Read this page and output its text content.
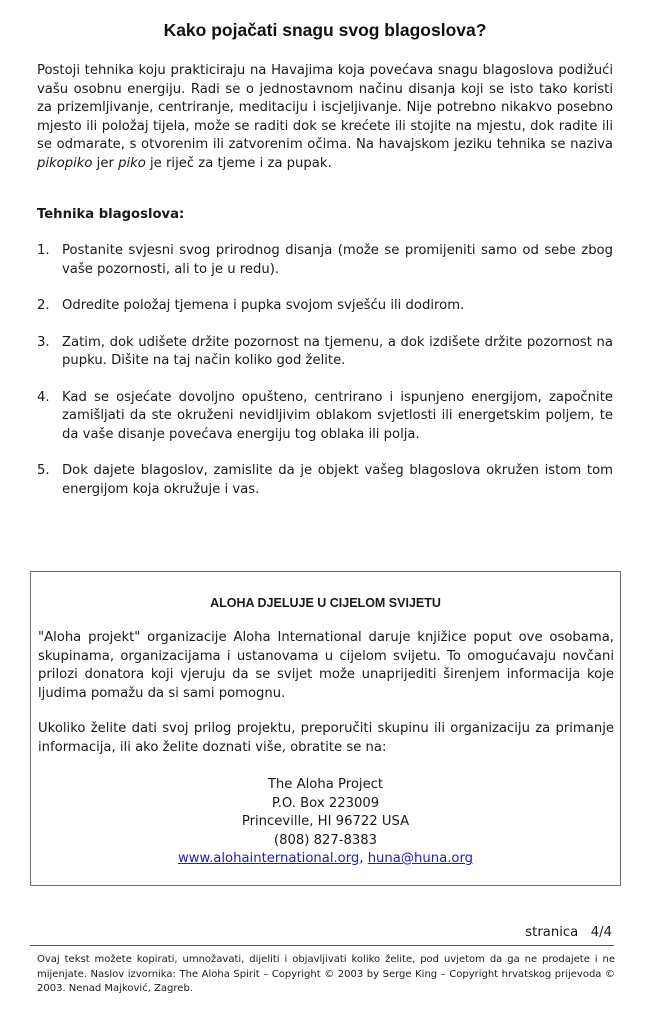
Kako pojačati snagu svog blagoslova?
Postoji tehnika koju prakticiraju na Havajima koja povećava snagu blagoslova podižući vašu osobnu energiju. Radi se o jednostavnom načinu disanja koji se isto tako koristi za prizemljivanje, centriranje, meditaciju i iscjeljivanje. Nije potrebno nikakvo posebno mjesto ili položaj tijela, može se raditi dok se krećete ili stojite na mjestu, dok radite ili se odmarate, s otvorenim ili zatvorenim očima. Na havajskom jeziku tehnika se naziva pikopiko jer piko je riječ za tjeme i za pupak.
Tehnika blagoslova:
1. Postanite svjesni svog prirodnog disanja (može se promijeniti samo od sebe zbog vaše pozornosti, ali to je u redu).
2. Odredite položaj tjemena i pupka svojom svješću ili dodirom.
3. Zatim, dok udišete držite pozornost na tjemenu, a dok izdišete držite pozornost na pupku. Dišite na taj način koliko god želite.
4. Kad se osjećate dovoljno opušteno, centrirano i ispunjeno energijom, započnite zamišljati da ste okruženi nevidljivim oblakom svjetlosti ili energetskim poljem, te da vaše disanje povećava energiju tog oblaka ili polja.
5. Dok dajete blagoslov, zamislite da je objekt vašeg blagoslova okružen istom tom energijom koja okružuje i vas.
ALOHA DJELUJE U CIJELOM SVIJETU
"Aloha projekt" organizacije Aloha International daruje knjižice poput ove osobama, skupinama, organizacijama i ustanovama u cijelom svijetu. To omogućavaju novčani prilozi donatora koji vjeruju da se svijet može unaprijediti širenjem informacija koje ljudima pomažu da si sami pomognu.
Ukoliko želite dati svoj prilog projektu, preporučiti skupinu ili organizaciju za primanje informacija, ili ako želite doznati više, obratite se na:
The Aloha Project
P.O. Box 223009
Princeville, HI 96722 USA
(808) 827-8383
www.alohainternational.org, huna@huna.org
stranica   4/4
Ovaj tekst možete kopirati, umnožavati, dijeliti i objavljivati koliko želite, pod uvjetom da ga ne prodajete i ne mijenjate. Naslov izvornika: The Aloha Spirit – Copyright © 2003 by Serge King – Copyright hrvatskog prijevoda © 2003. Nenad Majković, Zagreb.
